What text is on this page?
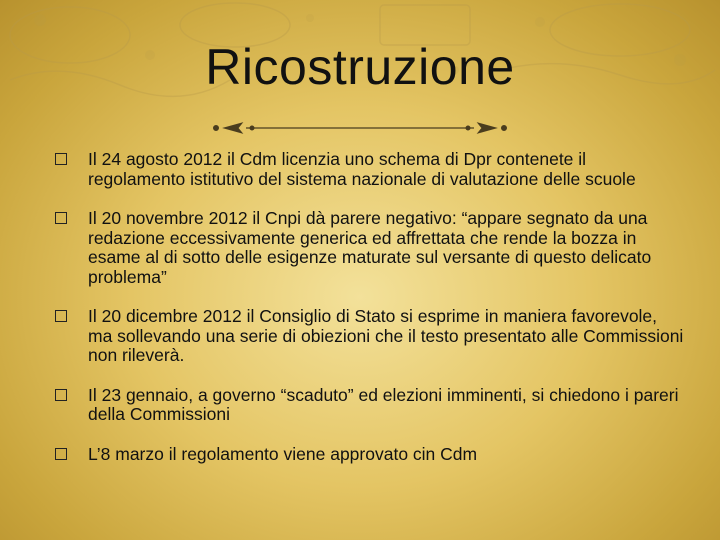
Ricostruzione
Il 24 agosto 2012 il Cdm licenzia uno schema di Dpr contenete il regolamento istitutivo del sistema nazionale di valutazione delle scuole
Il 20 novembre 2012 il Cnpi dà parere negativo: “appare segnato da una redazione eccessivamente generica ed affrettata che rende la bozza in esame al di sotto delle esigenze maturate sul versante di questo delicato problema”
Il 20 dicembre 2012 il Consiglio di Stato si esprime in maniera favorevole, ma sollevando una serie di obiezioni che il testo presentato alle Commissioni non rileverà.
Il 23 gennaio, a governo “scaduto” ed elezioni imminenti, si chiedono i pareri della Commissioni
L’8 marzo il regolamento viene approvato cin Cdm
